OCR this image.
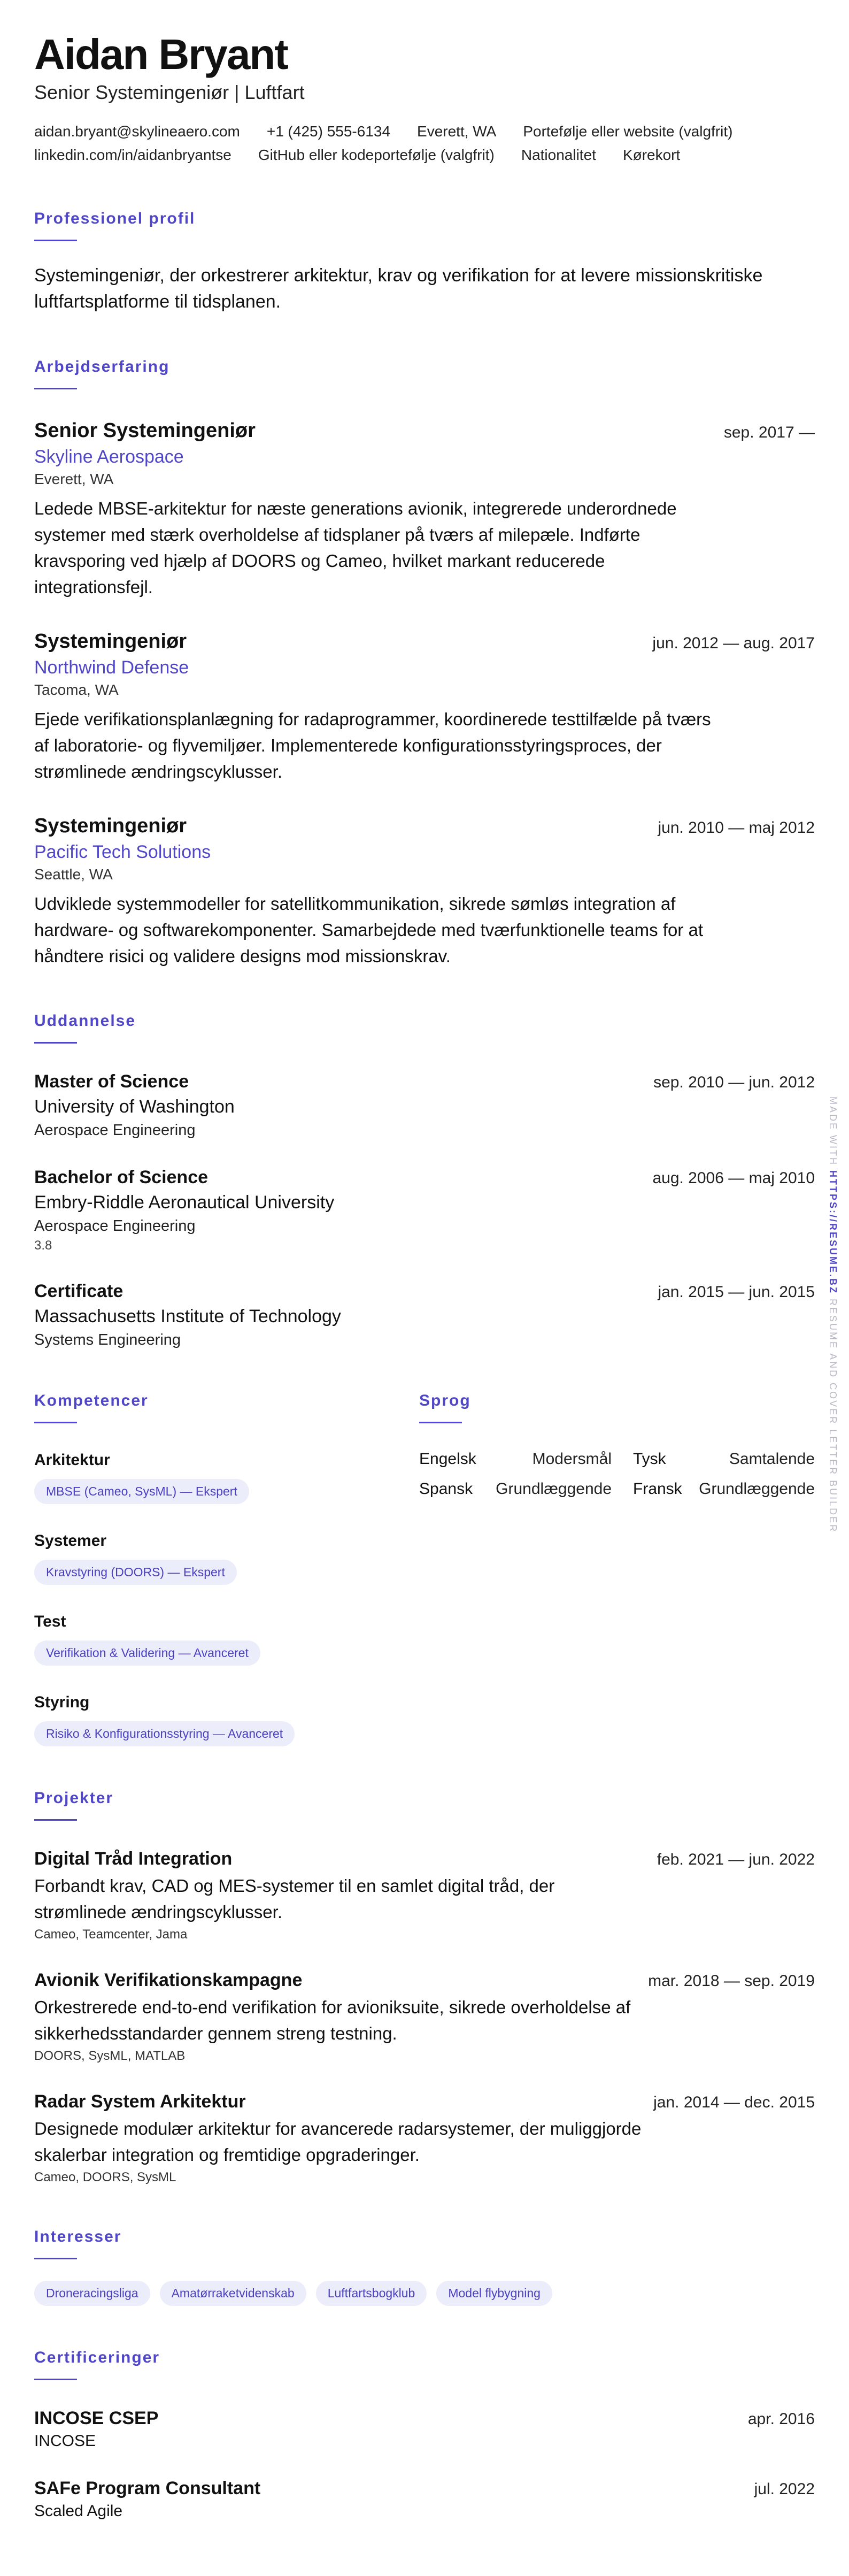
Aidan Bryant
Senior Systemingeniør | Luftfart
aidan.bryant@skylineaero.com +1 (425) 555-6134 Everett, WA Portefølje eller website (valgfrit)
linkedin.com/in/aidanbryantse GitHub eller kodeportefølje (valgfrit) Nationalitet Kørekort
Professionel profil
Systemingeniør, der orkestrerer arkitektur, krav og verifikation for at levere missionskritiske luftfartsplatforme til tidsplanen.
Arbejdserfaring
sep. 2017 —
Senior Systemingeniør
Skyline Aerospace
Everett, WA
Ledede MBSE-arkitektur for næste generations avionik, integrerede underordnede systemer med stærk overholdelse af tidsplaner på tværs af milepæle. Indførte kravsporing ved hjælp af DOORS og Cameo, hvilket markant reducerede integrationsfejl.
jun. 2012 — aug. 2017
Systemingeniør
Northwind Defense
Tacoma, WA
Ejede verifikationsplanlægning for radaprogrammer, koordinerede testtilfælde på tværs af laboratorie- og flyvemiljøer. Implementerede konfigurationsstyringsproces, der strømlinede ændringscyklusser.
jun. 2010 — maj 2012
Systemingeniør
Pacific Tech Solutions
Seattle, WA
Udviklede systemmodeller for satellitkommunikation, sikrede sømløs integration af hardware- og softwarekomponenter. Samarbejdede med tværfunktionelle teams for at håndtere risici og validere designs mod missionskrav.
Uddannelse
sep. 2010 — jun. 2012
Master of Science
University of Washington
Aerospace Engineering
aug. 2006 — maj 2010
Bachelor of Science
Embry-Riddle Aeronautical University
Aerospace Engineering
3.8
jan. 2015 — jun. 2015
Certificate
Massachusetts Institute of Technology
Systems Engineering
Kompetencer
Arkitektur
MBSE (Cameo, SysML) — Ekspert
Systemer
Kravstyring (DOORS) — Ekspert
Test
Verifikation & Validering — Avanceret
Styring
Risiko & Konfigurationsstyring — Avanceret
Sprog
Engelsk	Modersmål Tysk	Samtalende
Spansk Grundlæggende Fransk Grundlæggende
Projekter
feb. 2021 — jun. 2022
Digital Tråd Integration
Forbandt krav, CAD og MES-systemer til en samlet digital tråd, der strømlinede ændringscyklusser.
Cameo, Teamcenter, Jama
mar. 2018 — sep. 2019
Avionik Verifikationskampagne
Orkestrerede end-to-end verifikation for avioniksuite, sikrede overholdelse af sikkerhedsstandarder gennem streng testning.
DOORS, SysML, MATLAB
jan. 2014 — dec. 2015
Radar System Arkitektur
Designede modulær arkitektur for avancerede radarsystemer, der muliggjorde skalerbar integration og fremtidige opgraderinger.
Cameo, DOORS, SysML
Interesser
Droneracingsliga	Amatørraketvidenskab	Luftfartsbogklub	Model flybygning
Certificeringer
apr. 2016
INCOSE CSEP
INCOSE
jul. 2022
SAFe Program Consultant
Scaled Agile
MADE WITH HTTPS://RESUME.BZ RESUME AND COVER LETTER BUILDER
